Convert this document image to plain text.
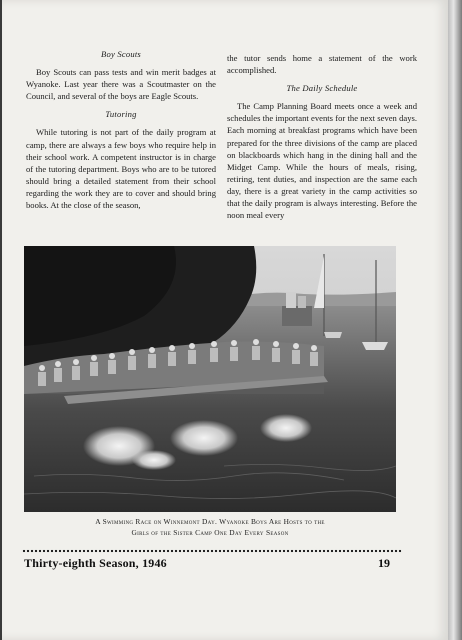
Boy Scouts

Boy Scouts can pass tests and win merit badges at Wyanoke. Last year there was a Scoutmaster on the Council, and several of the boys are Eagle Scouts.

Tutoring

While tutoring is not part of the daily program at camp, there are always a few boys who require help in their school work. A competent instructor is in charge of the tutoring department. Boys who are to be tutored should bring a detailed statement from their school regarding the work they are to cover and should bring books. At the close of the season,

the tutor sends home a statement of the work accomplished.

The Daily Schedule

The Camp Planning Board meets once a week and schedules the important events for the next seven days. Each morning at breakfast programs which have been prepared for the three divisions of the camp are placed on blackboards which hang in the dining hall and the Midget Camp. While the hours of meals, rising, retiring, tent duties, and inspection are the same each day, there is a great variety in the camp activities so that the daily program is always interesting. Before the noon meal every

A Swimming Race on Winnemont Day. Wyanoke Boys Are Hosts to the
Girls of the Sister Camp One Day Every Season
Thirty-eighth Season, 1946	19
